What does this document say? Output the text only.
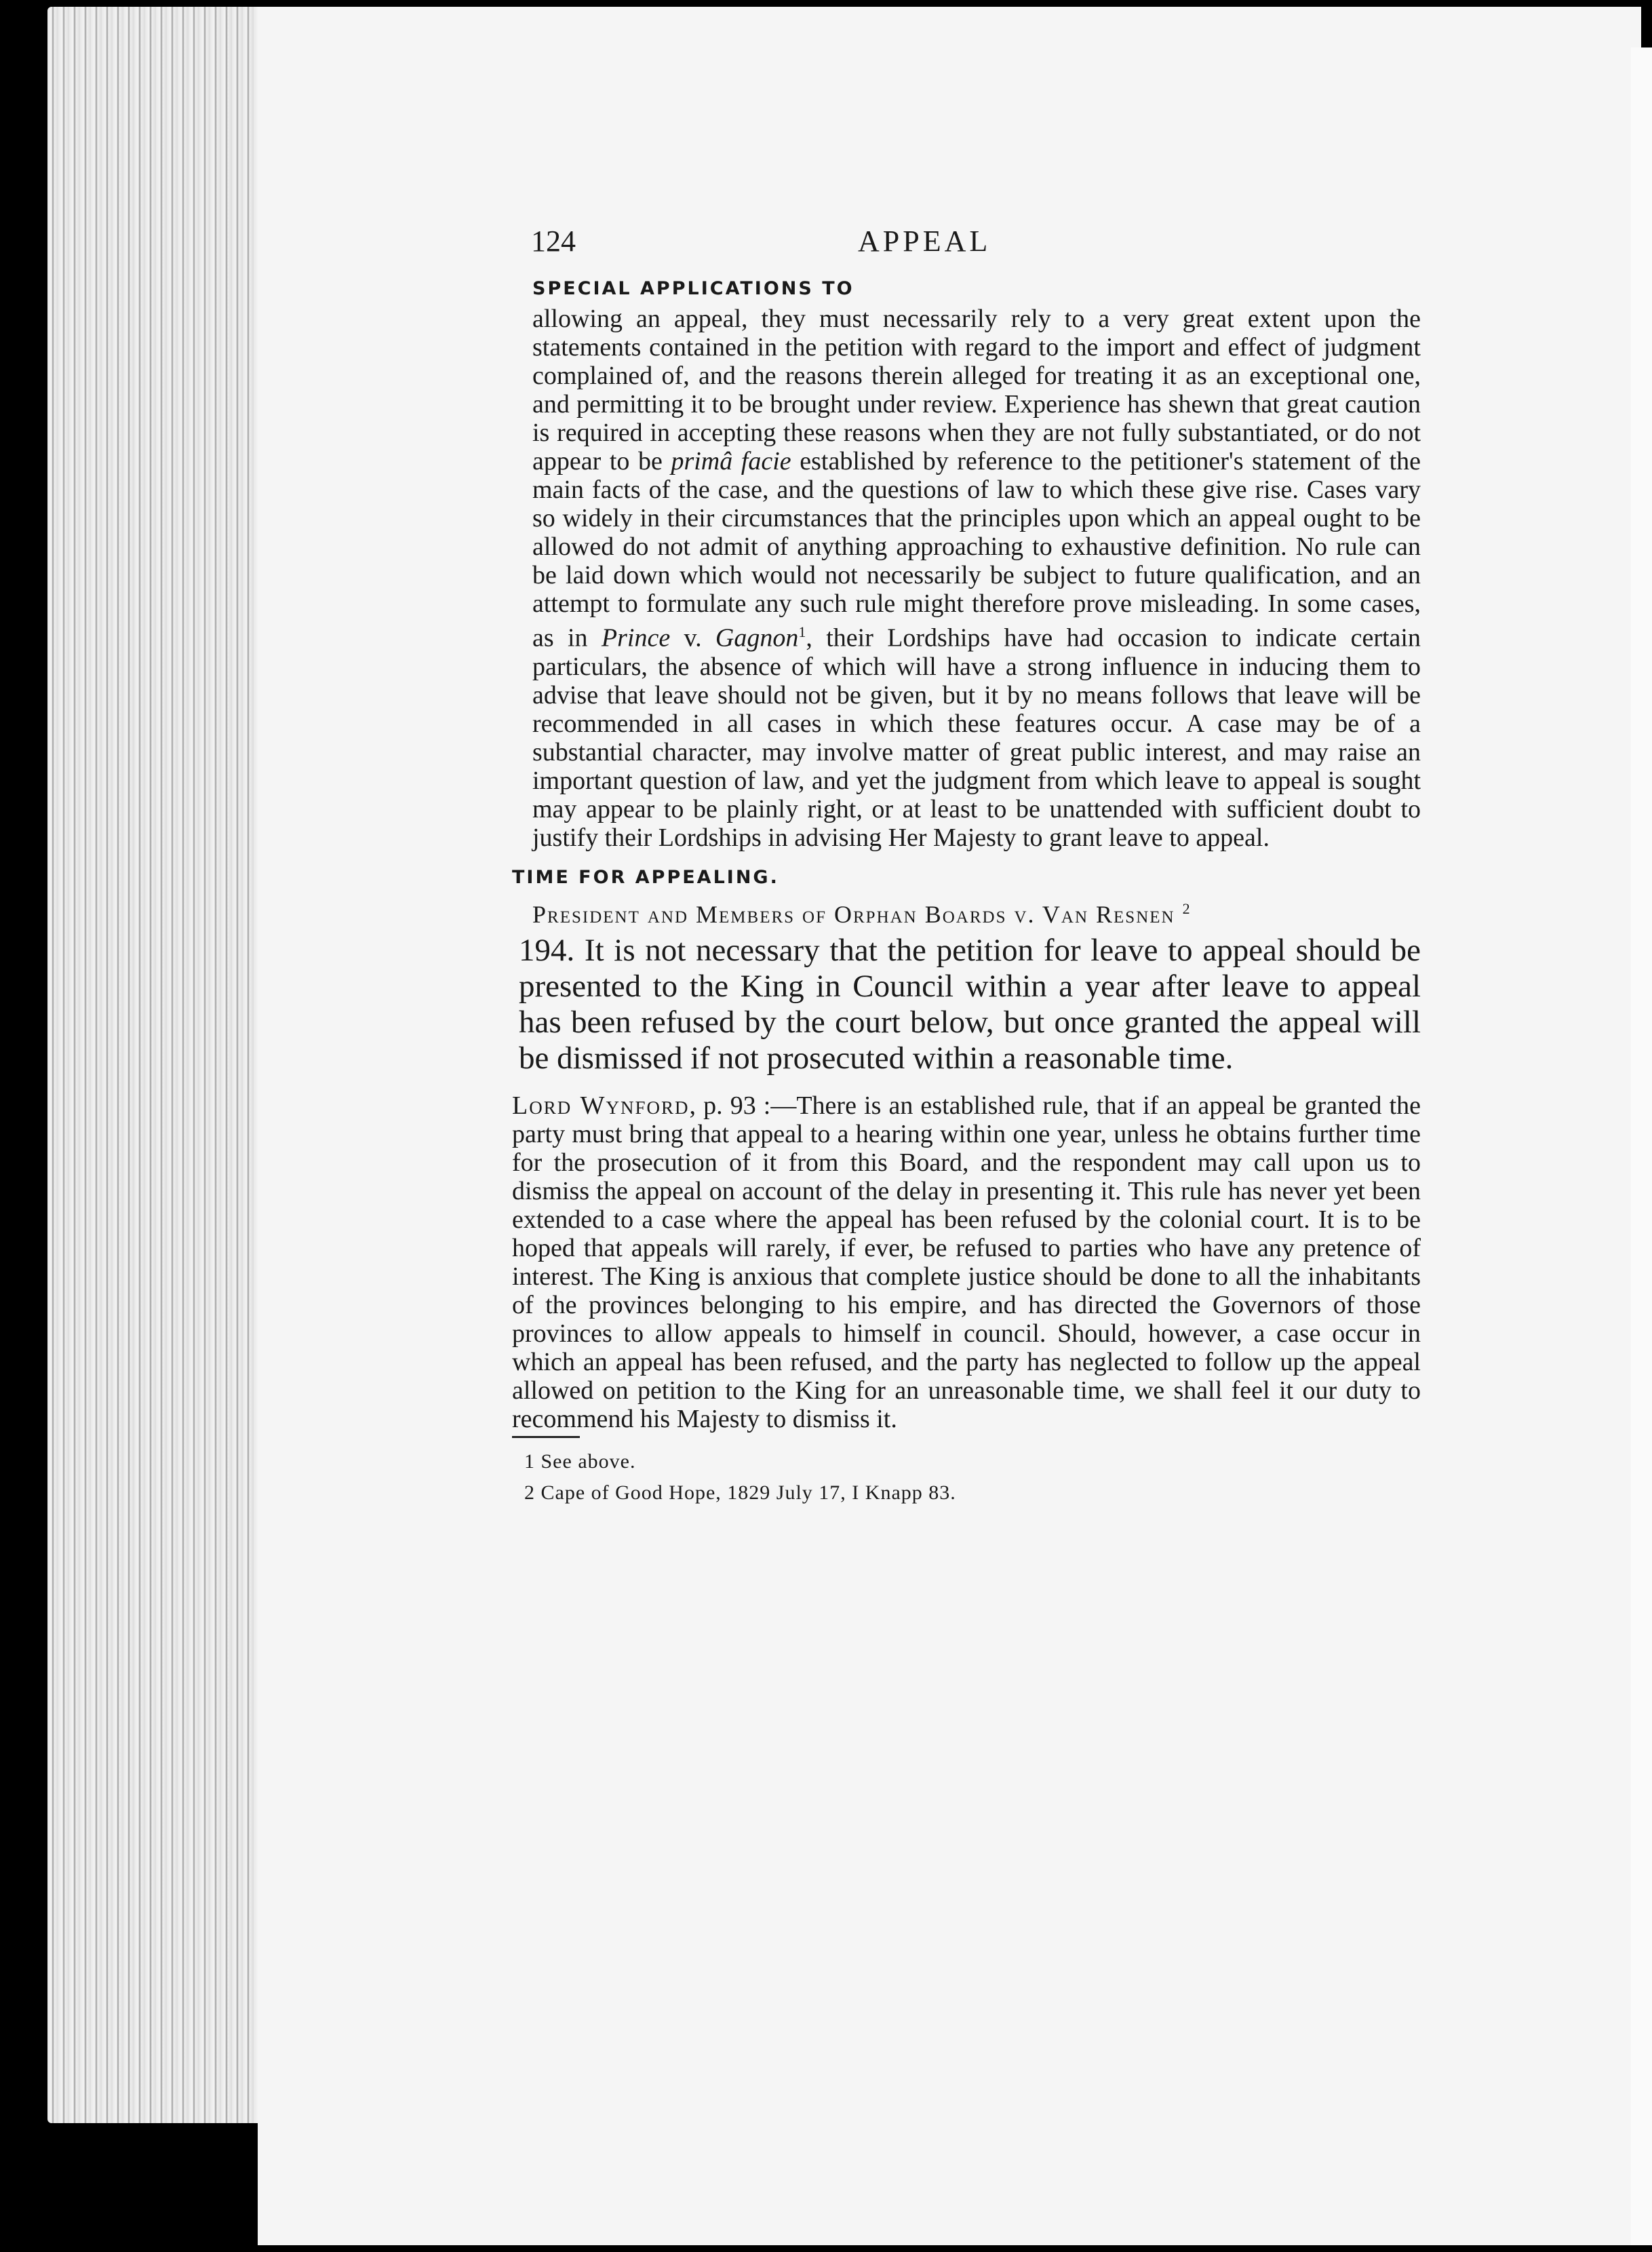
124	APPEAL
SPECIAL APPLICATIONS TO

allowing an appeal, they must necessarily rely to a very great extent upon the statements contained in the petition with regard to the import and effect of judgment complained of, and the reasons therein alleged for treating it as an exceptional one, and permitting it to be brought under review. Experience has shewn that great caution is required in accepting these reasons when they are not fully substantiated, or do not appear to be primâ facie established by reference to the petitioner's statement of the main facts of the case, and the questions of law to which these give rise. Cases vary so widely in their circumstances that the principles upon which an appeal ought to be allowed do not admit of anything approaching to exhaustive definition. No rule can be laid down which would not necessarily be subject to future qualification, and an attempt to formulate any such rule might therefore prove misleading. In some cases, as in Prince v. Gagnon$^1$, their Lordships have had occasion to indicate certain particulars, the absence of which will have a strong influence in inducing them to advise that leave should not be given, but it by no means follows that leave will be recommended in all cases in which these features occur. A case may be of a substantial character, may involve matter of great public interest, and may raise an important question of law, and yet the judgment from which leave to appeal is sought may appear to be plainly right, or at least to be unattended with sufficient doubt to justify their Lordships in advising Her Majesty to grant leave to appeal.

TIME FOR APPEALING.
President and Members of Orphan Boards v. Van Resnen $^2$

194. It is not necessary that the petition for leave to appeal should be presented to the King in Council within a year after leave to appeal has been refused by the court below, but once granted the appeal will be dismissed if not prosecuted within a reasonable time.

Lord Wynford, p. 93 :—There is an established rule, that if an appeal be granted the party must bring that appeal to a hearing within one year, unless he obtains further time for the prosecution of it from this Board, and the respondent may call upon us to dismiss the appeal on account of the delay in presenting it. This rule has never yet been extended to a case where the appeal has been refused by the colonial court. It is to be hoped that appeals will rarely, if ever, be refused to parties who have any pretence of interest. The King is anxious that complete justice should be done to all the inhabitants of the provinces belonging to his empire, and has directed the Governors of those provinces to allow appeals to himself in council. Should, however, a case occur in which an appeal has been refused, and the party has neglected to follow up the appeal allowed on petition to the King for an unreasonable time, we shall feel it our duty to recommend his Majesty to dismiss it.

1 See above.
2 Cape of Good Hope, 1829 July 17, I Knapp 83.
